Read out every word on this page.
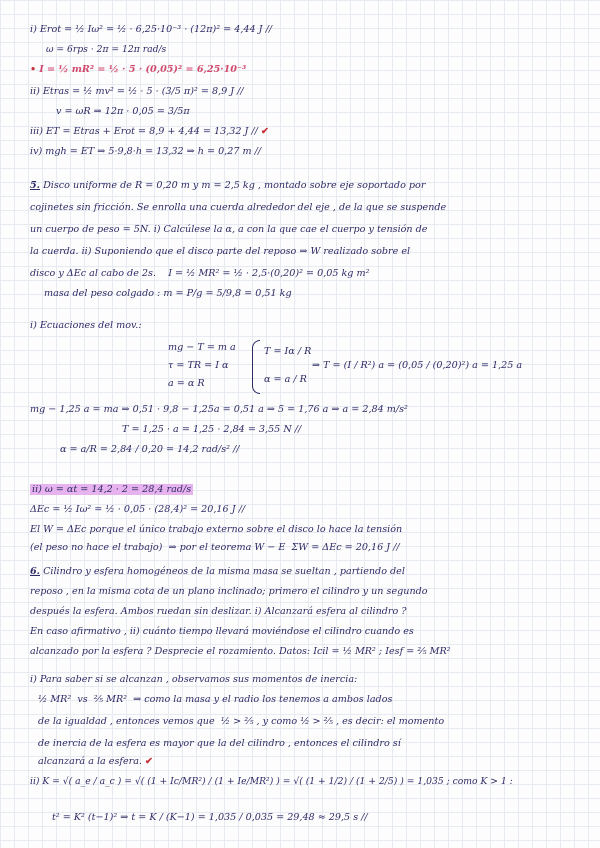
i) Erot = ½ Iω² = ½ · 6,25·10⁻³ · (12π)² = 4,44 J //
ω = 6rps · 2π = 12π rad/s
• I = ½ mR² = ½ · 5 · (0,05)² = 6,25·10⁻³
ii) Etras = ½ mv² = ½ · 5 · (3/5 π)² = 8,9 J //
v = ωR ⇒ 12π · 0,05 = 3/5π
iii) ET = Etras + Erot = 8,9 + 4,44 = 13,32 J // ✔
iv) mgh = ET ⇒ 5·9,8·h = 13,32 ⇒ h = 0,27 m //
5. Disco uniforme de R = 0,20 m y m = 2,5 kg , montado sobre eje soportado por
cojinetes sin fricción. Se enrolla una cuerda alrededor del eje , de la que se suspende
un cuerpo de peso = 5N. i) Calcúlese la α, a con la que cae el cuerpo y tensión de
la cuerda. ii) Suponiendo que el disco parte del reposo ⇒ W realizado sobre el
disco y ΔEc al cabo de 2s.    I = ½ MR² = ½ · 2,5·(0,20)² = 0,05 kg m²
masa del peso colgado : m = P/g = 5/9,8 = 0,51 kg
i) Ecuaciones del mov.:
mg − T = m a
τ = TR = I α
a = α R
T = Iα / R
α = a / R
⇒ T = (I / R²) a = (0,05 / (0,20)²) a = 1,25 a
mg − 1,25 a = ma ⇒ 0,51 · 9,8 − 1,25a = 0,51 a ⇒ 5 = 1,76 a ⇒ a = 2,84 m/s²
T = 1,25 · a = 1,25 · 2,84 = 3,55 N //
α = a/R = 2,84 / 0,20 = 14,2 rad/s² //
ii) ω = αt = 14,2 · 2 = 28,4 rad/s
ΔEc = ½ Iω² = ½ · 0,05 · (28,4)² = 20,16 J //
El W = ΔEc porque el único trabajo externo sobre el disco lo hace la tensión
(el peso no hace el trabajo)  ⇒ por el teorema W − E  ΣW = ΔEc = 20,16 J //
6. Cilindro y esfera homogéneos de la misma masa se sueltan , partiendo del
reposo , en la misma cota de un plano inclinado; primero el cilindro y un segundo
después la esfera. Ambos ruedan sin deslizar. i) Alcanzará esfera al cilindro ?
En caso afirmativo , ii) cuánto tiempo llevará moviéndose el cilindro cuando es
alcanzado por la esfera ? Desprecie el rozamiento. Datos: Icil = ½ MR² ; Iesf = ⅖ MR²
i) Para saber si se alcanzan , observamos sus momentos de inercia:
½ MR²  vs  ⅖ MR²  ⇒ como la masa y el radio los tenemos a ambos lados
de la igualdad , entonces vemos que  ½ > ⅖ , y como ½ > ⅖ , es decir: el momento
de inercia de la esfera es mayor que la del cilindro , entonces el cilindro sí
alcanzará a la esfera. ✔
ii) K = √( a_e / a_c ) = √( (1 + Ic/MR²) / (1 + Ie/MR²) ) = √( (1 + 1/2) / (1 + 2/5) ) = 1,035 ; como K > 1 :
t² = K² (t−1)² ⇒ t = K / (K−1) = 1,035 / 0,035 = 29,48 ≈ 29,5 s //
